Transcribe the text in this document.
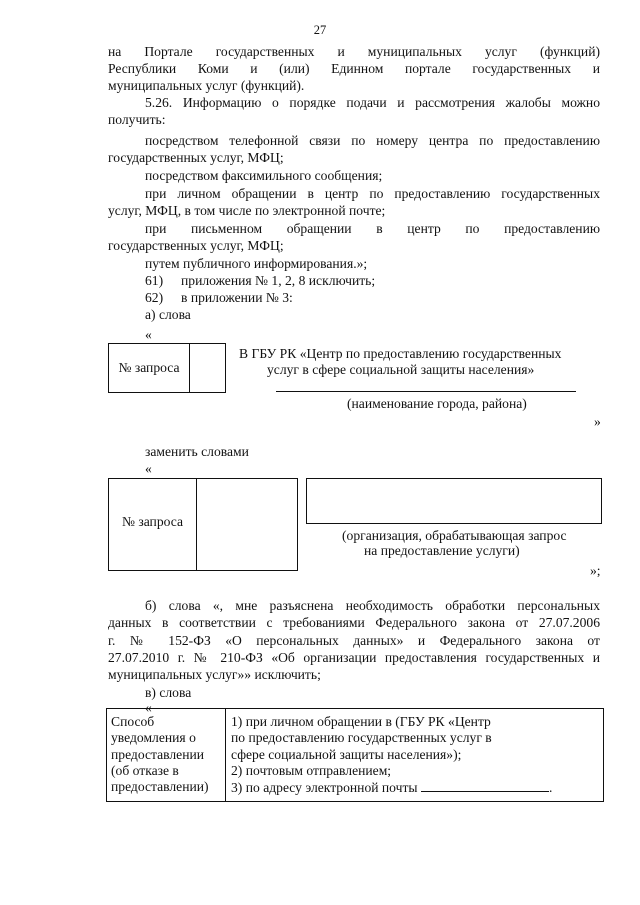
27
на Портале государственных и муниципальных услуг (функций)
Республики Коми и (или) Единном портале государственных и
муниципальных услуг (функций).
5.26. Информацию о порядке подачи и рассмотрения жалобы можно
получить:
посредством телефонной связи по номеру центра по предоставлению
государственных услуг, МФЦ;
посредством факсимильного сообщения;
при личном обращении в центр по предоставлению государственных
услуг, МФЦ, в том числе по электронной почте;
при письменном обращении в центр по предоставлению
государственных услуг, МФЦ;
путем публичного информирования.»;
61) приложения № 1, 2, 8 исключить;
62) в приложении № 3:
а) слова
«
№ запроса
В ГБУ РК «Центр по предоставлению государственных
услуг в сфере социальной защиты населения»
(наименование города, района)
»
заменить словами
«
№ запроса
(организация, обрабатывающая запрос
на предоставление услуги)
»;
б) слова «, мне разъяснена необходимость обработки персональных
данных в соответствии с требованиями Федерального закона от 27.07.2006
г. № 152-ФЗ «О персональных данных» и Федерального закона от
27.07.2010 г. № 210-ФЗ «Об организации предоставления государственных и
муниципальных услуг»» исключить;
в) слова
«
Способ
уведомления о
предоставлении
(об отказе в
предоставлении)
1) при личном обращении в (ГБУ РК «Центр
по предоставлению государственных услуг в
сфере социальной защиты населения»);
2) почтовым отправлением;
3) по адресу электронной почты	.
